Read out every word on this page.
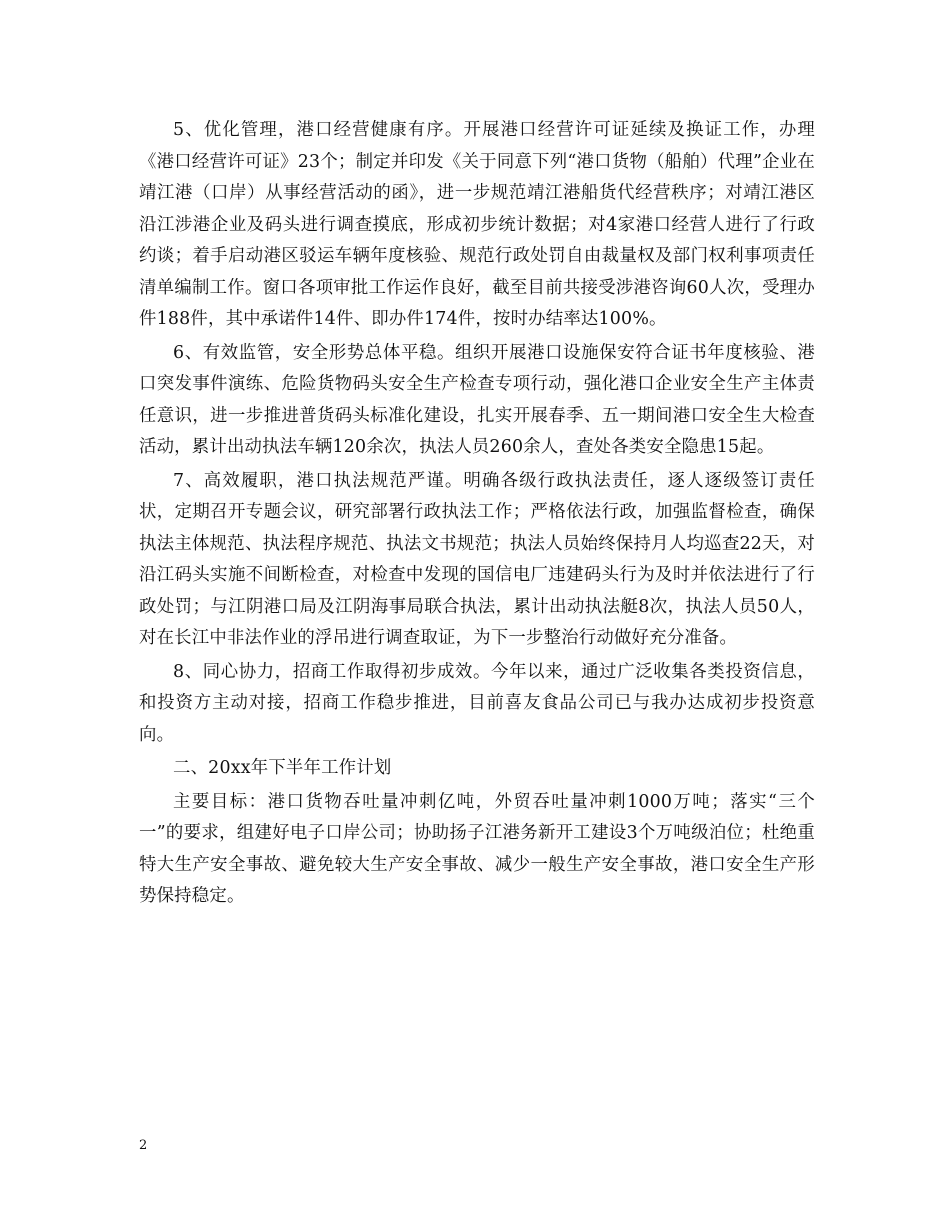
5、优化管理，港口经营健康有序。开展港口经营许可证延续及换证工作，办理《港口经营许可证》23个；制定并印发《关于同意下列“港口货物（船舶）代理”企业在靖江港（口岸）从事经营活动的函》，进一步规范靖江港船货代经营秩序；对靖江港区沿江涉港企业及码头进行调查摸底，形成初步统计数据；对4家港口经营人进行了行政约谈；着手启动港区驳运车辆年度核验、规范行政处罚自由裁量权及部门权利事项责任清单编制工作。窗口各项审批工作运作良好，截至目前共接受涉港咨询60人次，受理办件188件，其中承诺件14件、即办件174件，按时办结率达100%。

6、有效监管，安全形势总体平稳。组织开展港口设施保安符合证书年度核验、港口突发事件演练、危险货物码头安全生产检查专项行动，强化港口企业安全生产主体责任意识，进一步推进普货码头标准化建设，扎实开展春季、五一期间港口安全生大检查活动，累计出动执法车辆120余次，执法人员260余人，查处各类安全隐患15起。

7、高效履职，港口执法规范严谨。明确各级行政执法责任，逐人逐级签订责任状，定期召开专题会议，研究部署行政执法工作；严格依法行政，加强监督检查，确保执法主体规范、执法程序规范、执法文书规范；执法人员始终保持月人均巡查22天，对沿江码头实施不间断检查，对检查中发现的国信电厂违建码头行为及时并依法进行了行政处罚；与江阴港口局及江阴海事局联合执法，累计出动执法艇8次，执法人员50人，对在长江中非法作业的浮吊进行调查取证，为下一步整治行动做好充分准备。

8、同心协力，招商工作取得初步成效。今年以来，通过广泛收集各类投资信息，和投资方主动对接，招商工作稳步推进，目前喜友食品公司已与我办达成初步投资意向。

二、20xx年下半年工作计划

主要目标：港口货物吞吐量冲刺亿吨，外贸吞吐量冲刺1000万吨；落实“三个一”的要求，组建好电子口岸公司；协助扬子江港务新开工建设3个万吨级泊位；杜绝重特大生产安全事故、避免较大生产安全事故、减少一般生产安全事故，港口安全生产形势保持稳定。

2
